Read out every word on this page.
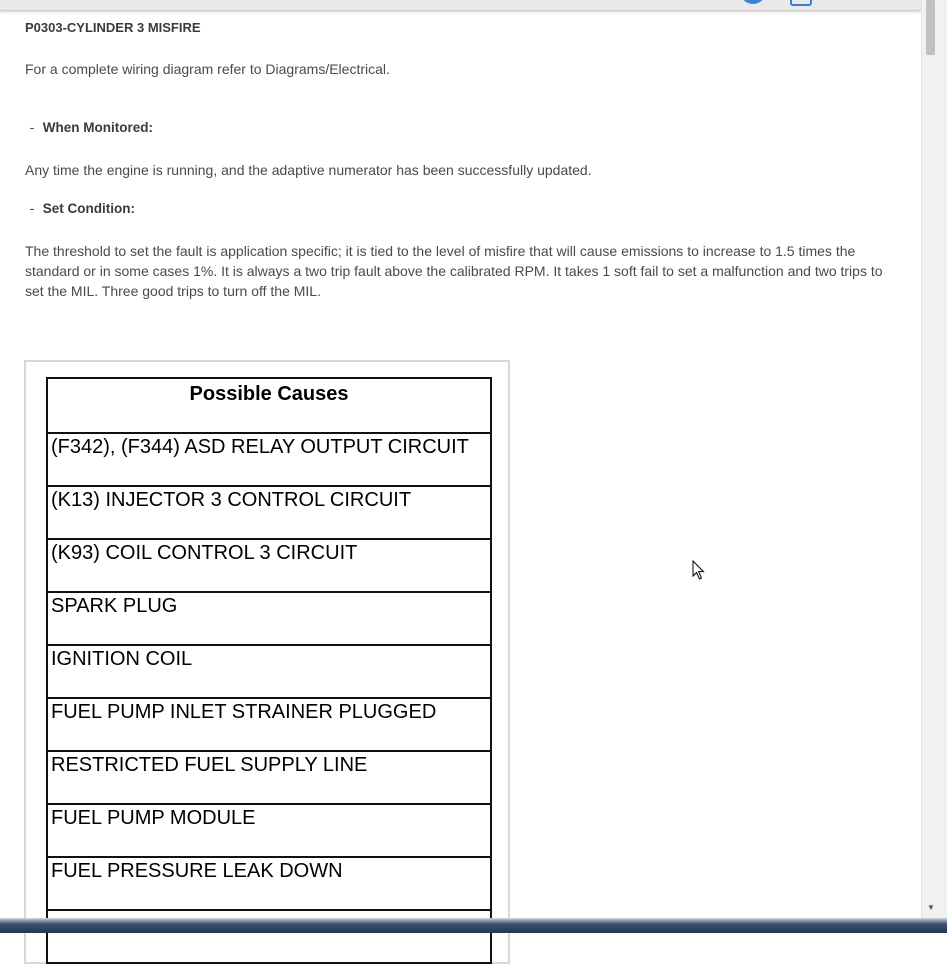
P0303-CYLINDER 3 MISFIRE

For a complete wiring diagram refer to Diagrams/Electrical.

- When Monitored:

Any time the engine is running, and the adaptive numerator has been successfully updated.

- Set Condition:

The threshold to set the fault is application specific; it is tied to the level of misfire that will cause emissions to increase to 1.5 times the standard or in some cases 1%. It is always a two trip fault above the calibrated RPM. It takes 1 soft fail to set a malfunction and two trips to set the MIL. Three good trips to turn off the MIL.

Possible Causes
(F342), (F344) ASD RELAY OUTPUT CIRCUIT
(K13) INJECTOR 3 CONTROL CIRCUIT
(K93) COIL CONTROL 3 CIRCUIT
SPARK PLUG
IGNITION COIL
FUEL PUMP INLET STRAINER PLUGGED
RESTRICTED FUEL SUPPLY LINE
FUEL PUMP MODULE
FUEL PRESSURE LEAK DOWN

▼
